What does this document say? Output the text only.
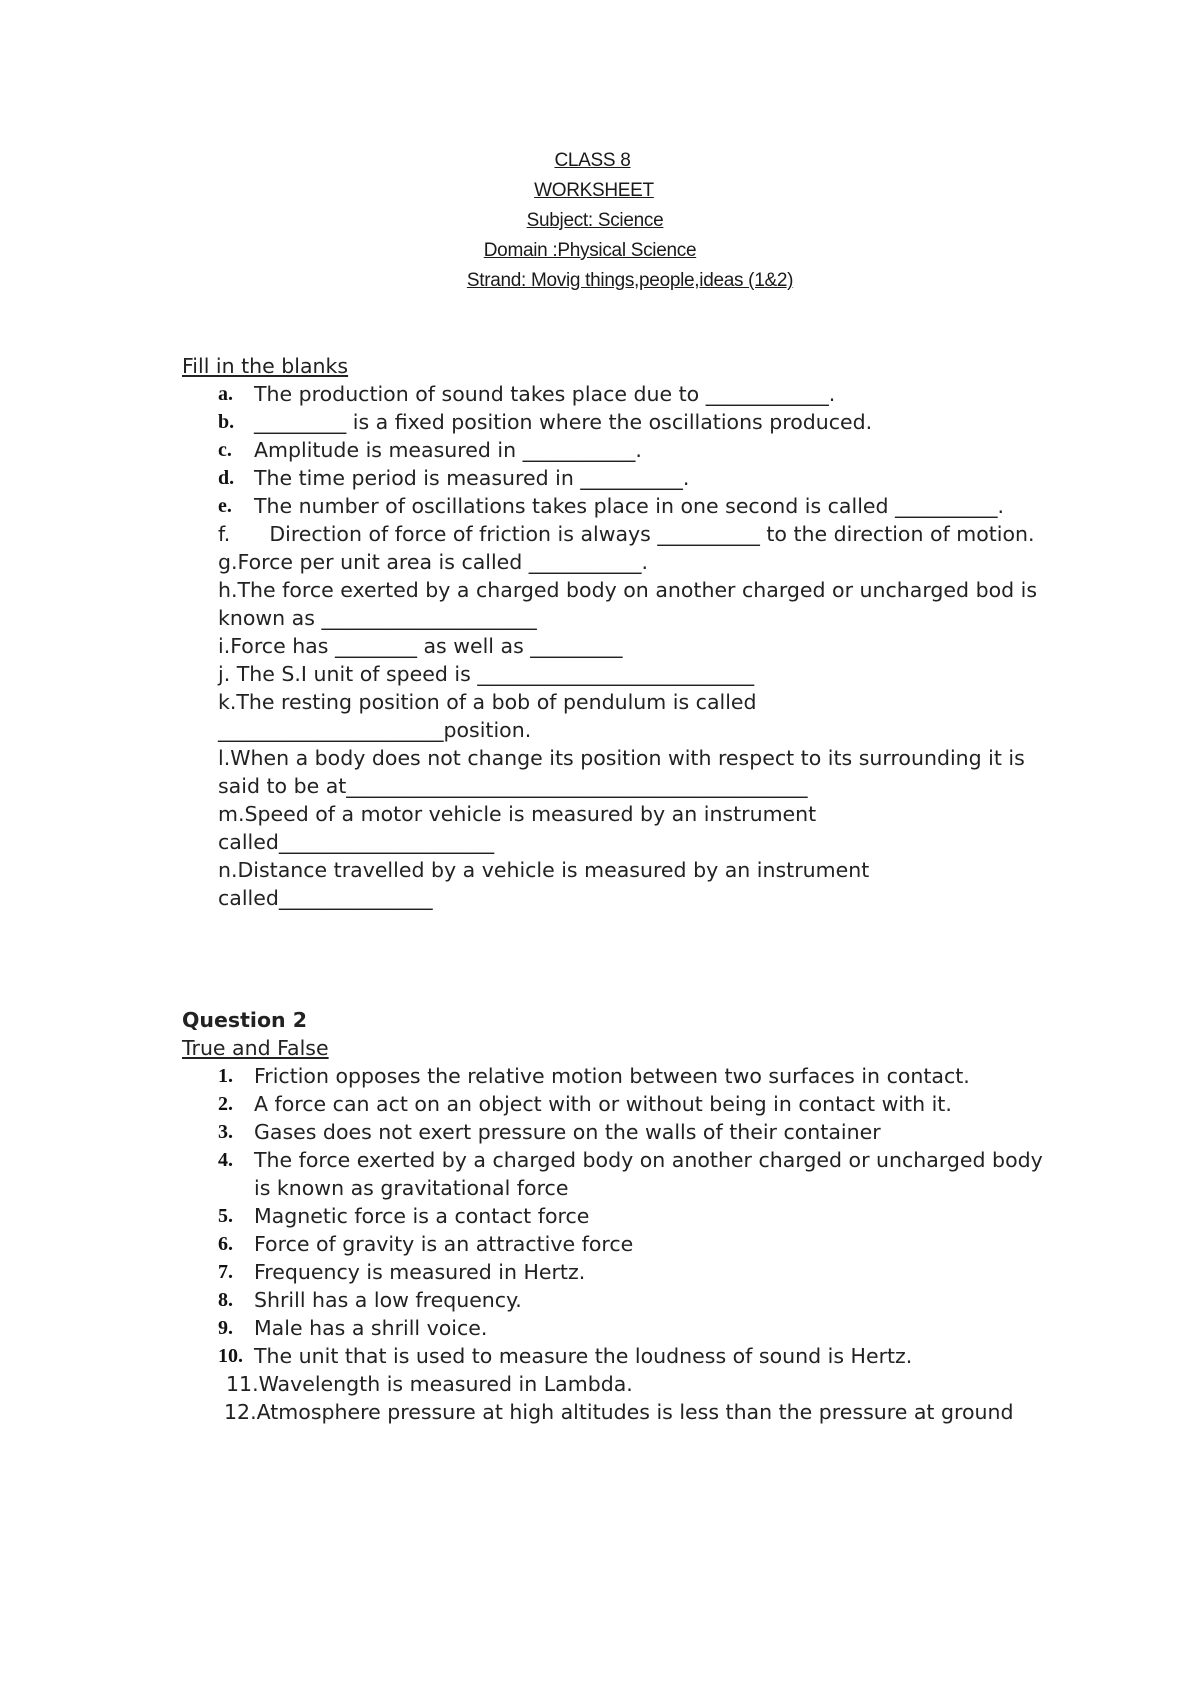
CLASS 8
WORKSHEET
Subject: Science
Domain :Physical Science
Strand: Movig things,people,ideas (1&2)
Fill in the blanks
a.	The production of sound takes place due to ____________.
b. _________ is a fixed position where the oscillations produced.
c.	Amplitude is measured in ___________.
d. The time period is measured in __________.
e.	The number of oscillations takes place in one second is called __________.
f.      Direction of force of friction is always __________ to the direction of motion.
g.Force per unit area is called ___________.
h.The force exerted by a charged body on another charged or uncharged bod is known as _____________________
i.Force has ________ as well as _________
j. The S.I unit of speed is ___________________________
k.The resting position of a bob of pendulum is called ______________________position.
l.When a body does not change its position with respect to its surrounding it is said to be at_____________________________________________
m.Speed of a motor vehicle is measured by an instrument called_____________________
n.Distance travelled by a vehicle is measured by an instrument called_______________
Question 2
True and False
1.	Friction opposes the relative motion between two surfaces in contact.
2.	A force can act on an object with or without being in contact with it.
3.	Gases does not exert pressure on the walls of their container
4.	The force exerted by a charged body on another charged or uncharged body is known as gravitational force
5.	Magnetic force is a contact force
6.	Force of gravity is an attractive force
7.	Frequency is measured in Hertz.
8.	Shrill has a low frequency.
9.	Male has a shrill voice.
10. The unit that is used to measure the loudness of sound is Hertz.
11.Wavelength is measured in Lambda.
12.Atmosphere pressure at high altitudes is less than the pressure at ground
